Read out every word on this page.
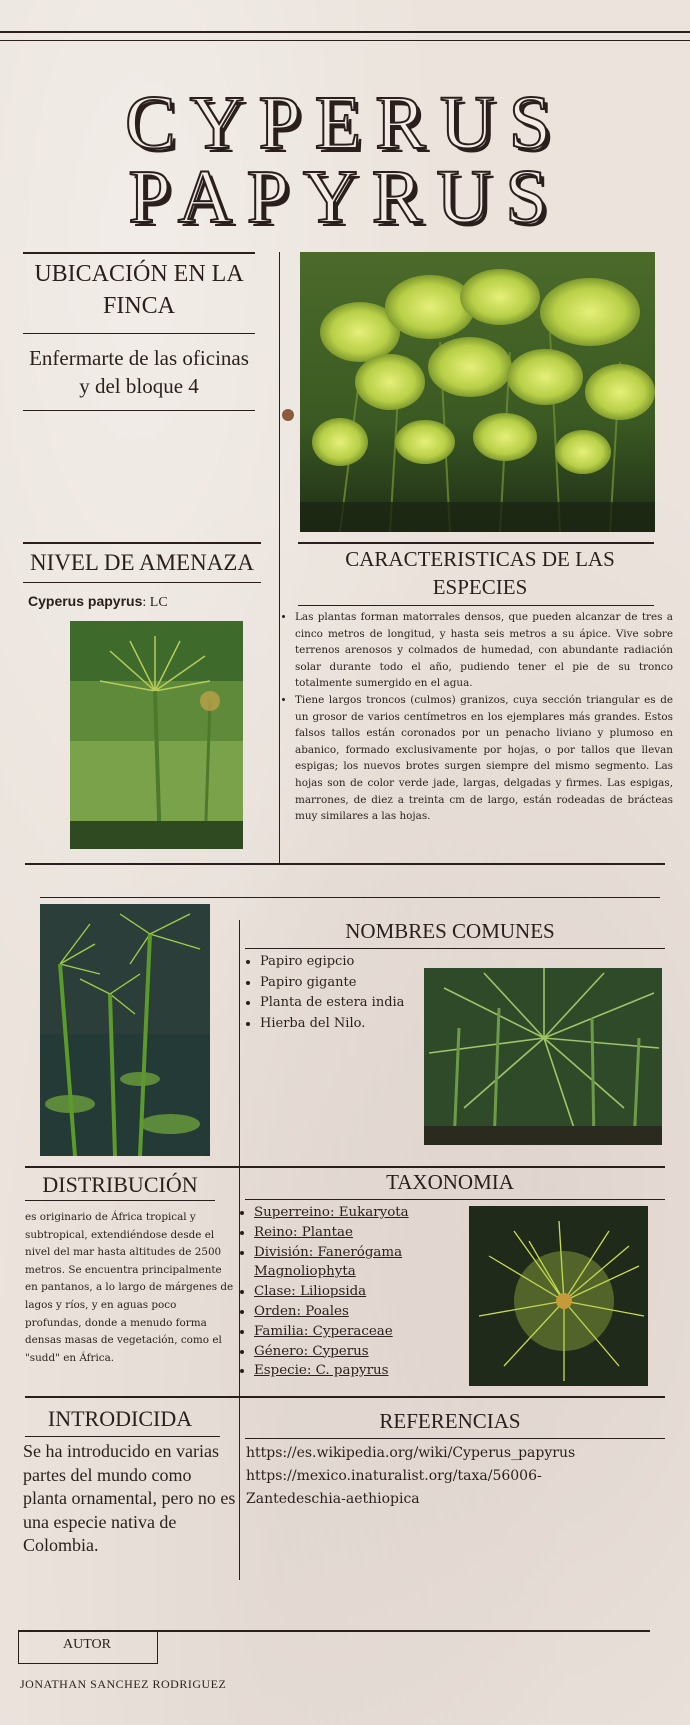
CYPERUS
PAPYRUS
UBICACIÓN EN LA FINCA
Enfermarte de las oficinas y del bloque 4
NIVEL DE AMENAZA
Cyperus papyrus: LC
CARACTERISTICAS DE LAS ESPECIES
• Las plantas forman matorrales densos, que pueden alcanzar de tres a cinco metros de longitud, y hasta seis metros a su ápice. Vive sobre terrenos arenosos y colmados de humedad, con abundante radiación solar durante todo el año, pudiendo tener el pie de su tronco totalmente sumergido en el agua.
• Tiene largos troncos (culmos) granizos, cuya sección triangular es de un grosor de varios centímetros en los ejemplares más grandes. Estos falsos tallos están coronados por un penacho liviano y plumoso en abanico, formado exclusivamente por hojas, o por tallos que llevan espigas; los nuevos brotes surgen siempre del mismo segmento. Las hojas son de color verde jade, largas, delgadas y firmes. Las espigas, marrones, de diez a treinta cm de largo, están rodeadas de brácteas muy similares a las hojas.
NOMBRES COMUNES
• Papiro egipcio
• Papiro gigante
• Planta de estera india
• Hierba del Nilo.
DISTRIBUCIÓN
es originario de África tropical y subtropical, extendiéndose desde el nivel del mar hasta altitudes de 2500 metros. Se encuentra principalmente en pantanos, a lo largo de márgenes de lagos y ríos, y en aguas poco profundas, donde a menudo forma densas masas de vegetación, como el "sudd" en África.
TAXONOMIA
• Superreino: Eukaryota
• Reino: Plantae
• División: Fanerógama Magnoliophyta
• Clase: Liliopsida
• Orden: Poales
• Familia: Cyperaceae
• Género: Cyperus
• Especie: C. papyrus
INTRODICIDA
Se ha introducido en varias partes del mundo como planta ornamental, pero no es una especie nativa de Colombia.
REFERENCIAS
https://es.wikipedia.org/wiki/Cyperus_papyrus
https://mexico.inaturalist.org/taxa/56006-
Zantedeschia-aethiopica
AUTOR
JONATHAN SANCHEZ RODRIGUEZ
